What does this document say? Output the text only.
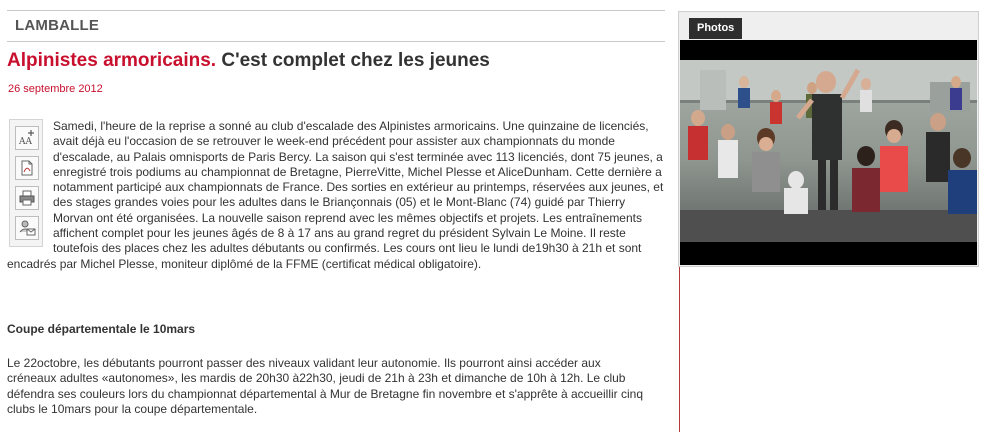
LAMBALLE
Alpinistes armoricains. C'est complet chez les jeunes
26 septembre 2012

Samedi, l'heure de la reprise a sonné au club d'escalade des Alpinistes armoricains. Une quinzaine de licenciés, avait déjà eu l'occasion de se retrouver le week-end précédent pour assister aux championnats du monde d'escalade, au Palais omnisports de Paris Bercy. La saison qui s'est terminée avec 113 licenciés, dont 75 jeunes, a enregistré trois podiums au championnat de Bretagne, PierreVitte, Michel Plesse et AliceDunham. Cette dernière a notamment participé aux championnats de France. Des sorties en extérieur au printemps, réservées aux jeunes, et des stages grandes voies pour les adultes dans le Briançonnais (05) et le Mont-Blanc (74) guidé par Thierry Morvan ont été organisées. La nouvelle saison reprend avec les mêmes objectifs et projets. Les entraînements affichent complet pour les jeunes âgés de 8 à 17 ans au grand regret du président Sylvain Le Moine. Il reste toutefois des places chez les adultes débutants ou confirmés. Les cours ont lieu le lundi de19h30 à 21h et sont encadrés par Michel Plesse, moniteur diplômé de la FFME (certificat médical obligatoire).

AA
Coupe départementale le 10mars

Le 22octobre, les débutants pourront passer des niveaux validant leur autonomie. Ils pourront ainsi accéder aux créneaux adultes «autonomes», les mardis de 20h30 à22h30, jeudi de 21h à 23h et dimanche de 10h à 12h. Le club défendra ses couleurs lors du championnat départemental à Mur de Bretagne fin novembre et s'apprête à accueillir cinq clubs le 10mars pour la coupe départementale.

Photos
